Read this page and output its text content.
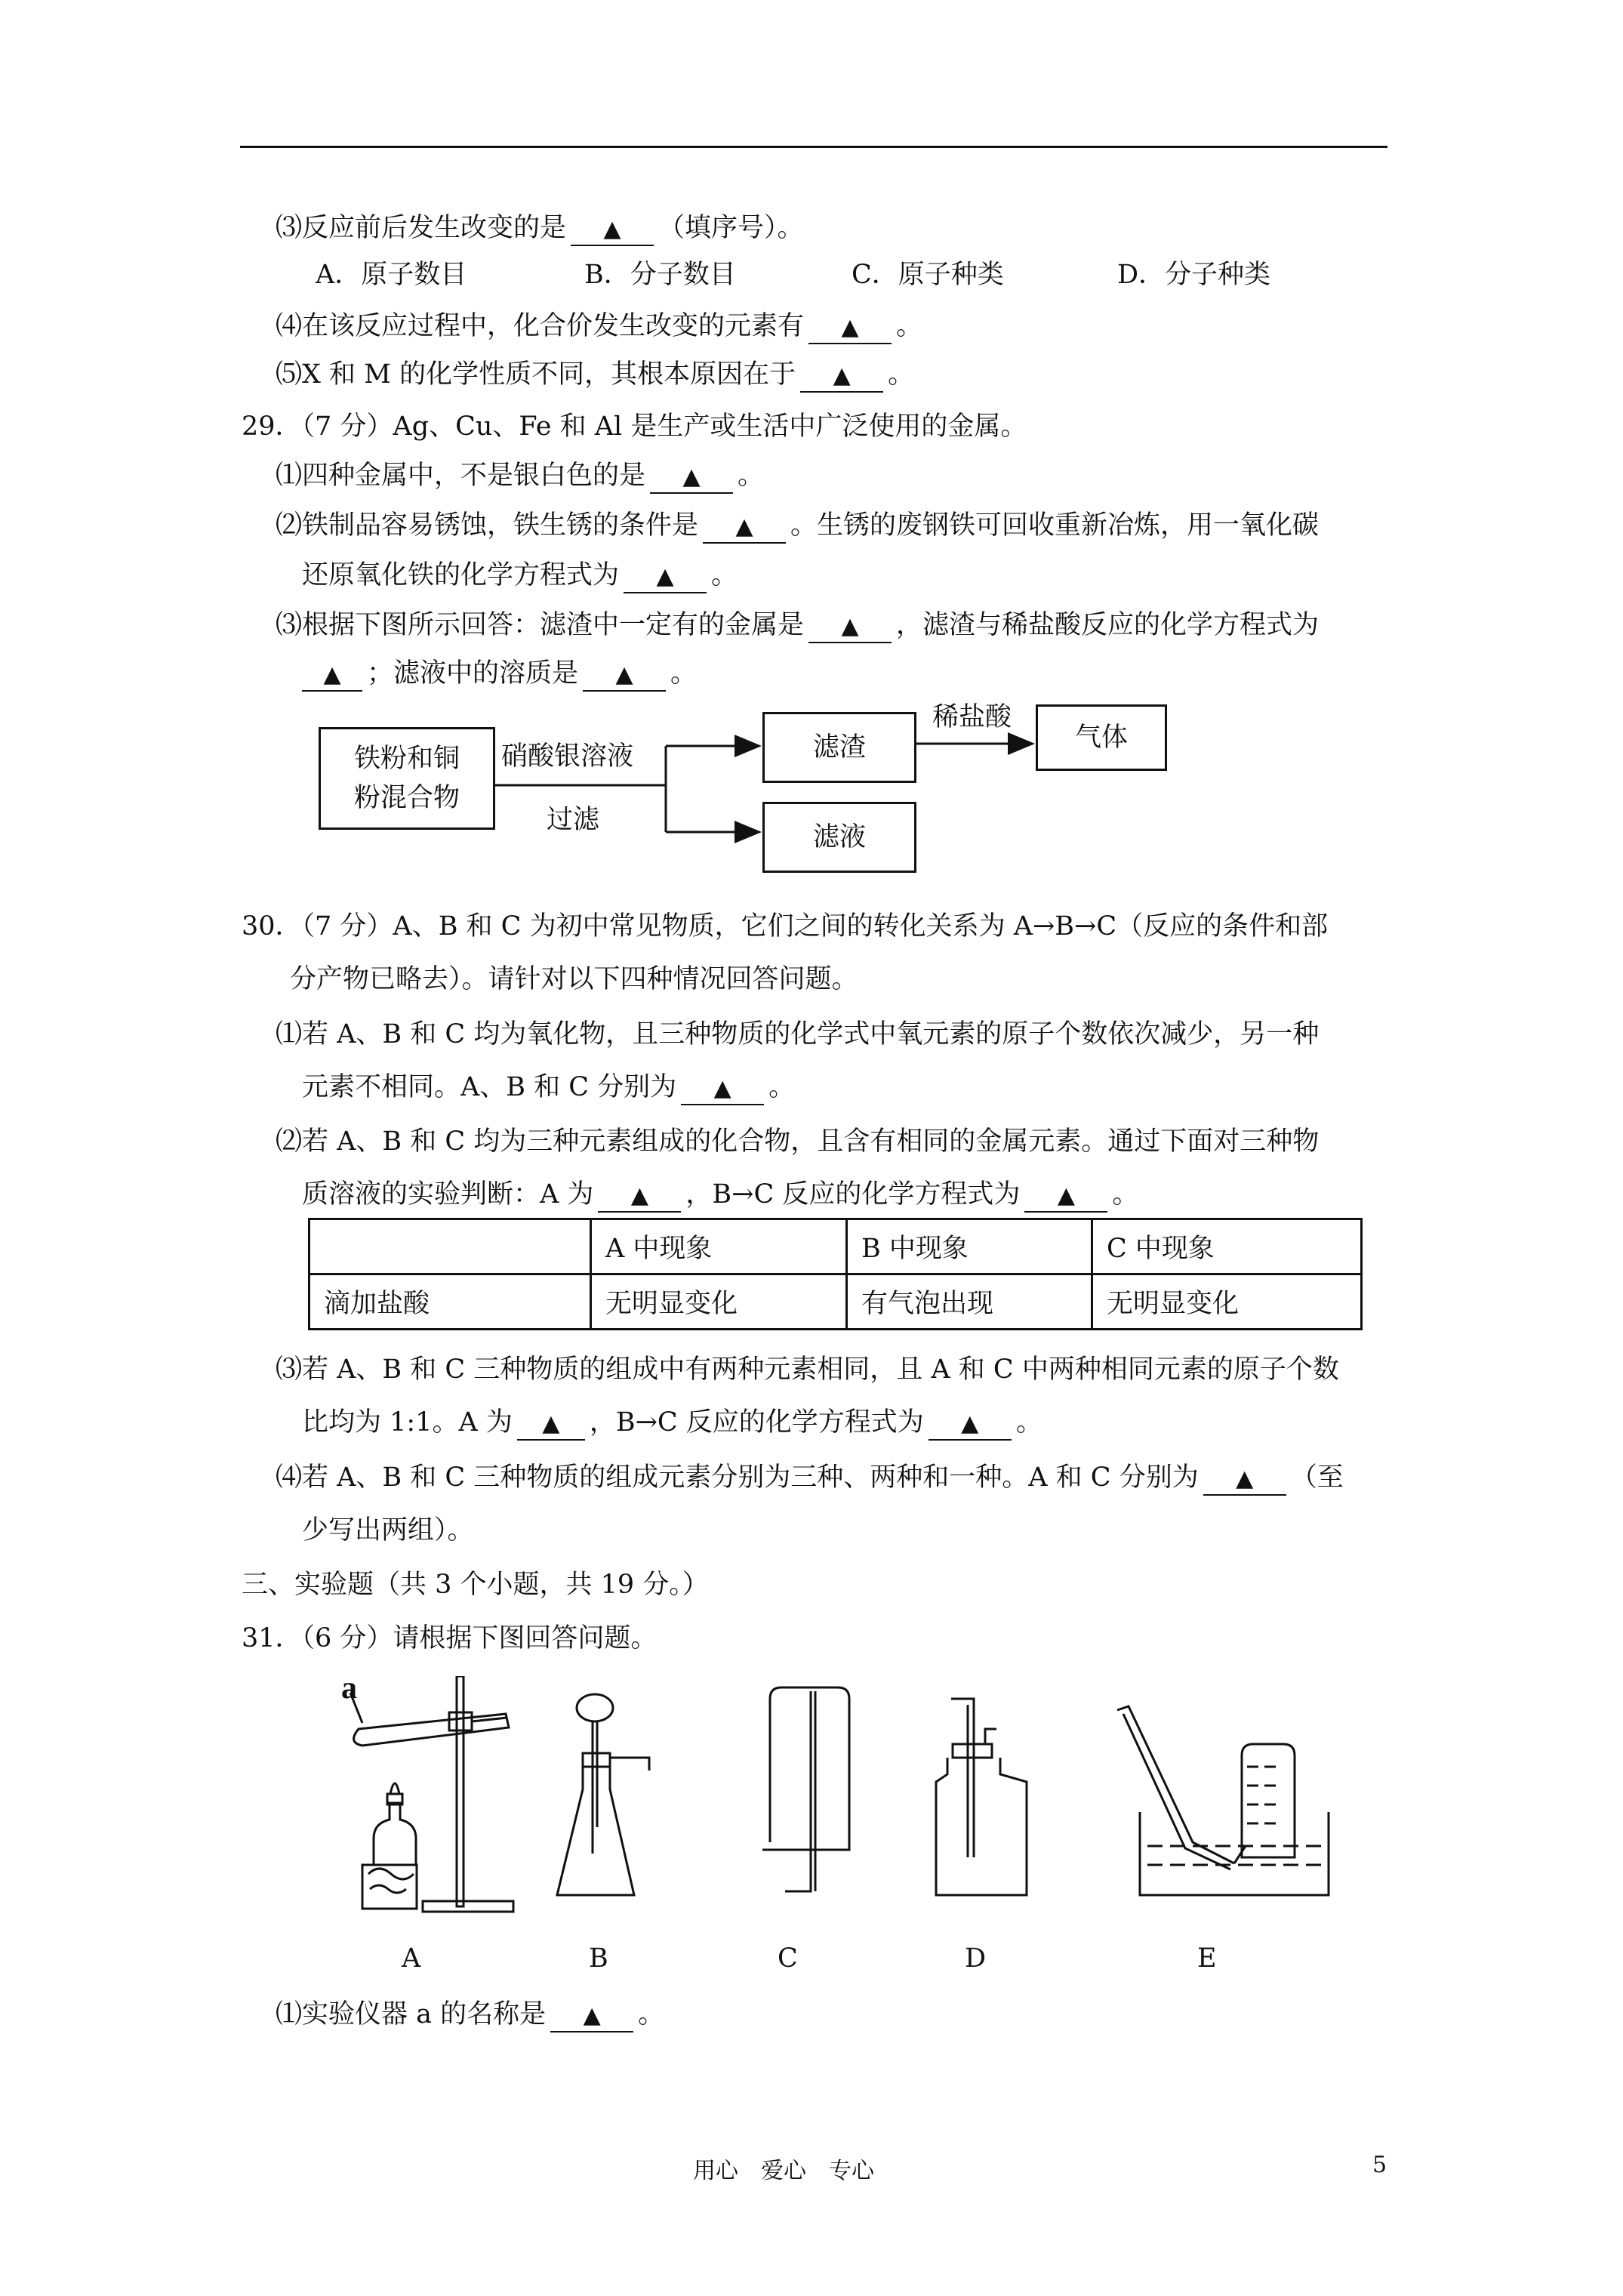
⑶反应前后发生改变的是 ▲ （填序号）。
A．原子数目	B．分子数目	C．原子种类	D．分子种类
⑷在该反应过程中，化合价发生改变的元素有 ▲ 。
⑸X 和 M 的化学性质不同，其根本原因在于 ▲ 。
29．（7 分）Ag、Cu、Fe 和 Al 是生产或生活中广泛使用的金属。
⑴四种金属中，不是银白色的是 ▲ 。
⑵铁制品容易锈蚀，铁生锈的条件是 ▲ 。生锈的废钢铁可回收重新冶炼，用一氧化碳
还原氧化铁的化学方程式为 ▲ 。
⑶根据下图所示回答：滤渣中一定有的金属是 ▲ ，滤渣与稀盐酸反应的化学方程式为
▲ ；滤液中的溶质是 ▲ 。
铁粉和铜
粉混合物
硝酸银溶液
过滤
滤渣
滤液
稀盐酸
气体
30．（7 分）A、B 和 C 为初中常见物质，它们之间的转化关系为 A→B→C（反应的条件和部
分产物已略去）。请针对以下四种情况回答问题。
⑴若 A、B 和 C 均为氧化物，且三种物质的化学式中氧元素的原子个数依次减少，另一种
元素不相同。A、B 和 C 分别为 ▲ 。
⑵若 A、B 和 C 均为三种元素组成的化合物，且含有相同的金属元素。通过下面对三种物
质溶液的实验判断：A 为 ▲ ，B→C 反应的化学方程式为 ▲ 。
	A 中现象	B 中现象	C 中现象
滴加盐酸	无明显变化	有气泡出现	无明显变化
⑶若 A、B 和 C 三种物质的组成中有两种元素相同，且 A 和 C 中两种相同元素的原子个数
比均为 1:1。A 为 ▲ ，B→C 反应的化学方程式为 ▲ 。
⑷若 A、B 和 C 三种物质的组成元素分别为三种、两种和一种。A 和 C 分别为 ▲ （至
少写出两组）。
三、实验题（共 3 个小题，共 19 分。）
31．（6 分）请根据下图回答问题。
a
A	B	C	D	E
⑴实验仪器 a 的名称是 ▲ 。
用心　爱心　专心	5
